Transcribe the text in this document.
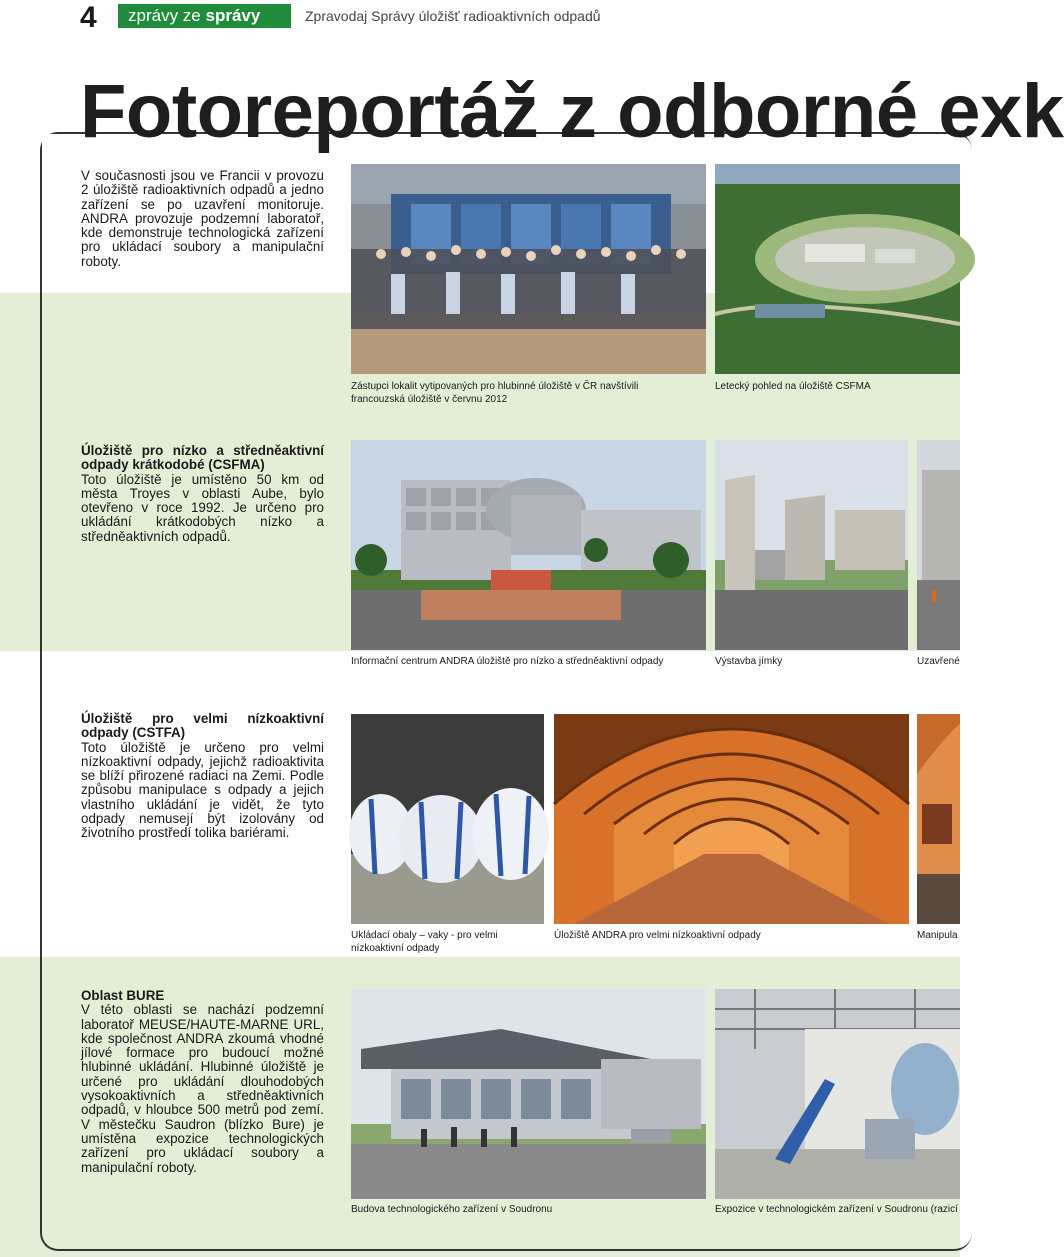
4	zprávy ze správy	Zpravodaj Správy úložišť radioaktivních odpadů
Fotoreportáž z odborné exk

V současnosti jsou ve Francii v provozu 2 úložiště radioaktivních odpadů a jedno zařízení se po uzavření monitoruje. ANDRA provozuje podzemní laboratoř, kde demonstruje technologická zařízení pro ukládací soubory a manipulační roboty.

Úložiště pro nízko a středněaktivní odpady krátkodobé (CSFMA)

Toto úložiště je umístěno 50 km od města Troyes v oblasti Aube, bylo otevřeno v roce 1992. Je určeno pro ukládání krátkodobých nízko a středněaktivních odpadů.

Úložiště pro velmi nízkoaktivní odpady (CSTFA)

Toto úložiště je určeno pro velmi nízkoaktivní odpady, jejichž radioaktivita se blíží přirozené radiaci na Zemi. Podle způsobu manipulace s odpady a jejich vlastního ukládání je vidět, že tyto odpady nemusejí být izolovány od životního prostředí tolika bariérami.

Oblast BURE

V této oblasti se nachází podzemní laboratoř MEUSE/HAUTE-MARNE URL, kde společnost ANDRA zkoumá vhodné jílové formace pro budoucí možné hlubinné ukládání. Hlubinné úložiště je určené pro ukládání dlouhodobých vysokoaktivních a středněaktivních odpadů, v hloubce 500 metrů pod zemí. V městečku Saudron (blízko Bure) je umístěna expozice technologických zařízení pro ukládací soubory a manipulační roboty.

Zástupci lokalit vytipovaných pro hlubinné úložiště v ČR navštívili francouzská úložiště v červnu 2012
Letecký pohled na úložiště CSFMA
Informační centrum ANDRA úložiště pro nízko a středněaktivní odpady	Výstavba jímky	Uzavřené
Ukládací obaly – vaky - pro velmi nízkoaktivní odpady
Úložiště ANDRA pro velmi nízkoaktivní odpady	Manipula
Budova technologického zařízení v Soudronu	Expozice v technologickém zařízení v Soudronu (razicí
